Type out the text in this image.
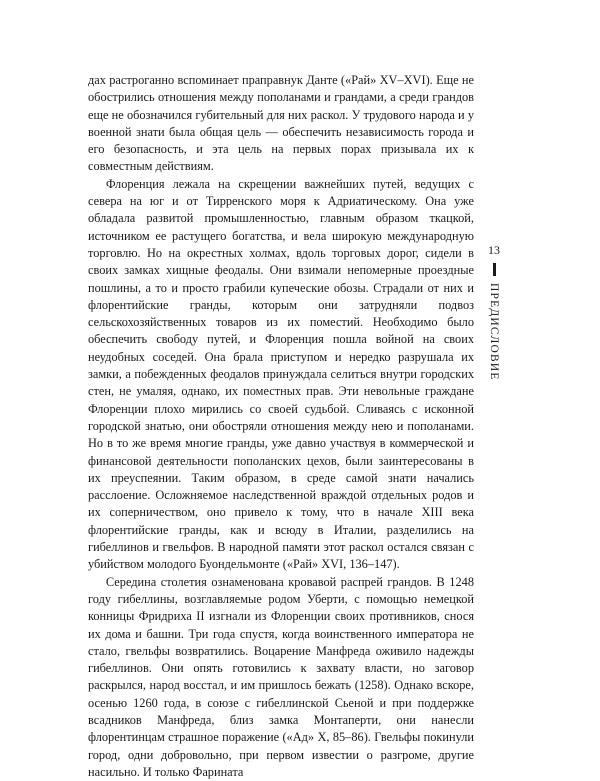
дах растроганно вспоминает праправнук Данте («Рай» XV–XVI). Еще не обострились отношения между пополанами и грандами, а среди грандов еще не обозначился губительный для них раскол. У трудового народа и у военной знати была общая цель — обеспечить независимость города и его безопасность, и эта цель на первых порах призывала их к совместным действиям.

Флоренция лежала на скрещении важнейших путей, ведущих с севера на юг и от Тирренского моря к Адриатическому. Она уже обладала развитой промышленностью, главным образом ткацкой, источником ее растущего богатства, и вела широкую международную торговлю. Но на окрестных холмах, вдоль торговых дорог, сидели в своих замках хищные феодалы. Они взимали непомерные проездные пошлины, а то и просто грабили купеческие обозы. Страдали от них и флорентийские гранды, которым они затрудняли подвоз сельскохозяйственных товаров из их поместий. Необходимо было обеспечить свободу путей, и Флоренция пошла войной на своих неудобных соседей. Она брала приступом и нередко разрушала их замки, а побежденных феодалов принуждала селиться внутри городских стен, не умаляя, однако, их поместных прав. Эти невольные граждане Флоренции плохо мирились со своей судьбой. Сливаясь с исконной городской знатью, они обостряли отношения между нею и пополанами. Но в то же время многие гранды, уже давно участвуя в коммерческой и финансовой деятельности пополанских цехов, были заинтересованы в их преуспеянии. Таким образом, в среде самой знати начались расслоение. Осложняемое наследственной враждой отдельных родов и их соперничеством, оно привело к тому, что в начале XIII века флорентийские гранды, как и всюду в Италии, разделились на гибеллинов и гвельфов. В народной памяти этот раскол остался связан с убийством молодого Буондельмонте («Рай» XVI, 136–147).

Середина столетия ознаменована кровавой распрей грандов. В 1248 году гибеллины, возглавляемые родом Уберти, с помощью немецкой конницы Фридриха II изгнали из Флоренции своих противников, снося их дома и башни. Три года спустя, когда воинственного императора не стало, гвельфы возвратились. Воцарение Манфреда оживило надежды гибеллинов. Они опять готовились к захвату власти, но заговор раскрылся, народ восстал, и им пришлось бежать (1258). Однако вскоре, осенью 1260 года, в союзе с гибеллинской Сьеной и при поддержке всадников Манфреда, близ замка Монтаперти, они нанесли флорентинцам страшное поражение («Ад» X, 85–86). Гвельфы покинули город, одни добровольно, при первом известии о разгроме, другие насильно. И только Фарината

13
ПРЕДИСЛОВИЕ
